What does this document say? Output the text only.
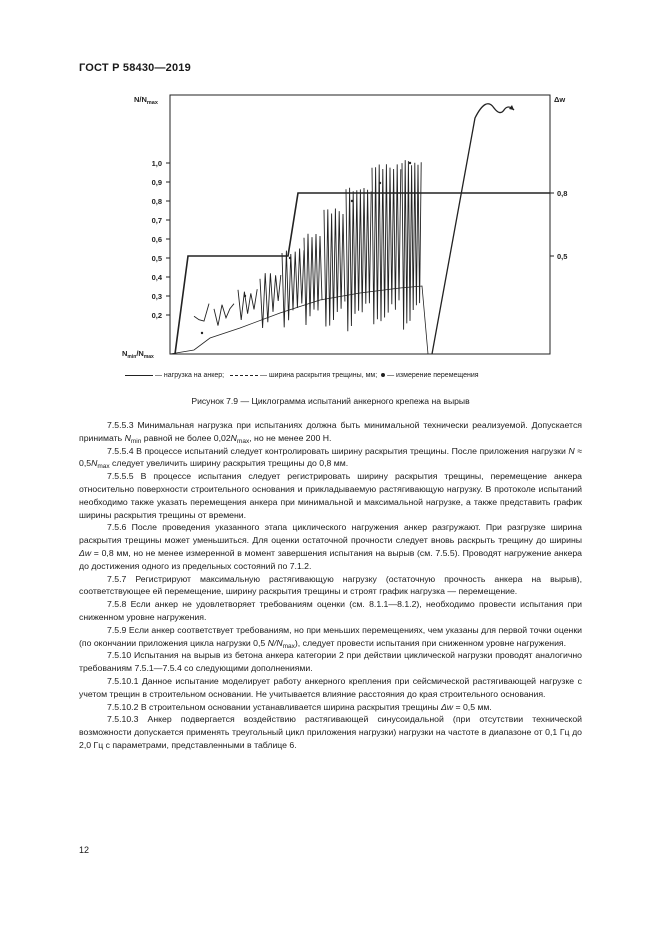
ГОСТ Р 58430—2019
1,0
0,9
0,8
0,7
0,6
0,5
0,4
0,3
0,2
$N/N_{max}$
$N_{min}/N_{max}$
Δw
0,8
0,5
— нагрузка на анкер;	— ширина раскрытия трещины, мм; — измерение перемещения
Рисунок 7.9 — Циклограмма испытаний анкерного крепежа на вырыв

7.5.5.3 Минимальная нагрузка при испытаниях должна быть минимальной технически реализуемой. Допускается принимать $N_{min}$ равной не более $0,02N_{max}$, но не менее 200 Н.

7.5.5.4 В процессе испытаний следует контролировать ширину раскрытия трещины. После приложения нагрузки $N \approx 0,5N_{max}$ следует увеличить ширину раскрытия трещины до 0,8 мм.

7.5.5.5 В процессе испытания следует регистрировать ширину раскрытия трещины, перемещение анкера относительно поверхности строительного основания и прикладываемую растягивающую нагрузку. В протоколе испытаний необходимо также указать перемещения анкера при минимальной и максимальной нагрузке, а также представить график ширины раскрытия трещины от времени.

7.5.6 После проведения указанного этапа циклического нагружения анкер разгружают. При разгрузке ширина раскрытия трещины может уменьшиться. Для оценки остаточной прочности следует вновь раскрыть трещину до ширины Δw = 0,8 мм, но не менее измеренной в момент завершения испытания на вырыв (см. 7.5.5). Проводят нагружение анкера до достижения одного из предельных состояний по 7.1.2.

7.5.7 Регистрируют максимальную растягивающую нагрузку (остаточную прочность анкера на вырыв), соответствующее ей перемещение, ширину раскрытия трещины и строят график нагрузка — перемещение.

7.5.8 Если анкер не удовлетворяет требованиям оценки (см. 8.1.1—8.1.2), необходимо провести испытания при сниженном уровне нагружения.

7.5.9 Если анкер соответствует требованиям, но при меньших перемещениях, чем указаны для первой точки оценки (по окончании приложения цикла нагрузки 0,5 $N/N_{max}$), следует провести испытания при сниженном уровне нагружения.

7.5.10 Испытания на вырыв из бетона анкера категории 2 при действии циклической нагрузки проводят аналогично требованиям 7.5.1—7.5.4 со следующими дополнениями.

7.5.10.1 Данное испытание моделирует работу анкерного крепления при сейсмической растягивающей нагрузке с учетом трещин в строительном основании. Не учитывается влияние расстояния до края строительного основания.

7.5.10.2 В строительном основании устанавливается ширина раскрытия трещины Δw = 0,5 мм.

7.5.10.3 Анкер подвергается воздействию растягивающей синусоидальной (при отсутствии технической возможности допускается применять треугольный цикл приложения нагрузки) нагрузки на частоте в диапазоне от 0,1 Гц до 2,0 Гц с параметрами, представленными в таблице 6.

12
